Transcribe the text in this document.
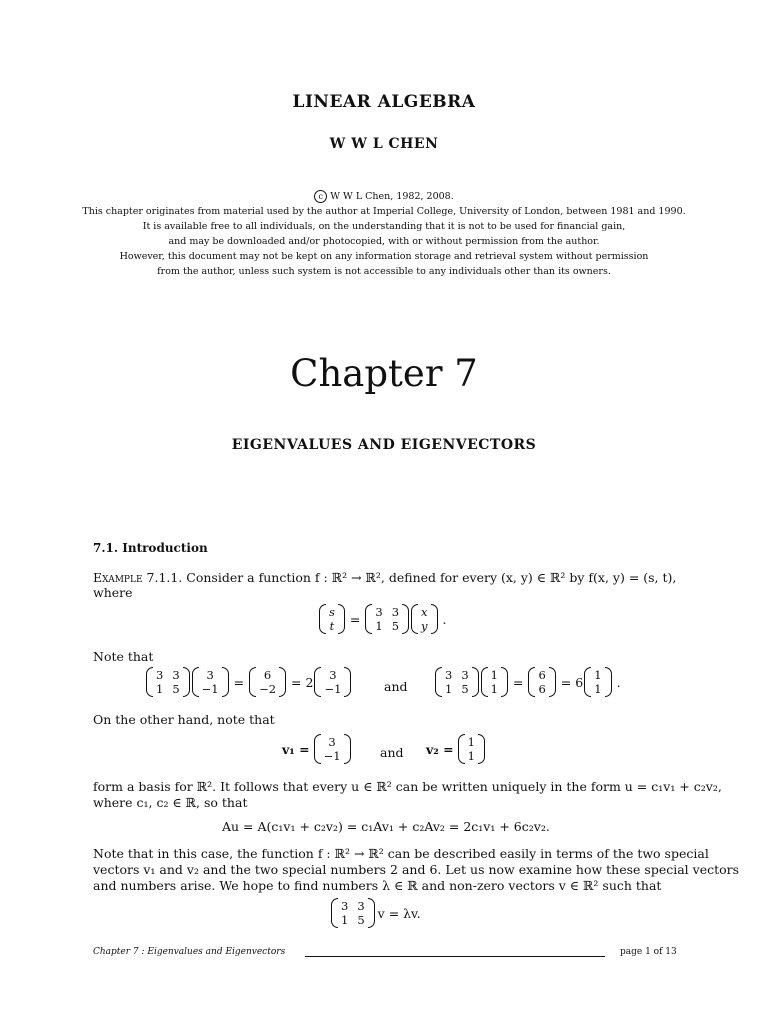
LINEAR ALGEBRA
W W L CHEN
c W W L Chen, 1982, 2008.
This chapter originates from material used by the author at Imperial College, University of London, between 1981 and 1990.
It is available free to all individuals, on the understanding that it is not to be used for financial gain,
and may be downloaded and/or photocopied, with or without permission from the author.
However, this document may not be kept on any information storage and retrieval system without permission
from the author, unless such system is not accessible to any individuals other than its owners.
Chapter 7
EIGENVALUES AND EIGENVECTORS
7.1. Introduction
Example 7.1.1. Consider a function f : ℝ² → ℝ², defined for every (x, y) ∈ ℝ² by f(x, y) = (s, t),
where
s
t = 3 3
1 5
x
y .
Note that
3 3
1 5
3
−1 =	6
−2 = 2	3
−1	and
3 3
1 5
1
1 = 6
6 = 6 1
1 .
On the other hand, note that
v₁ =	3
−1	and v₂ = 1
1
form a basis for ℝ². It follows that every u ∈ ℝ² can be written uniquely in the form u = c₁v₁ + c₂v₂,
where c₁, c₂ ∈ ℝ, so that
Au = A(c₁v₁ + c₂v₂) = c₁Av₁ + c₂Av₂ = 2c₁v₁ + 6c₂v₂.
Note that in this case, the function f : ℝ² → ℝ² can be described easily in terms of the two special
vectors v₁ and v₂ and the two special numbers 2 and 6. Let us now examine how these special vectors
and numbers arise. We hope to find numbers λ ∈ ℝ and non-zero vectors v ∈ ℝ² such that
3 3
1 5 v = λv.
Chapter 7 : Eigenvalues and Eigenvectors	page 1 of 13
